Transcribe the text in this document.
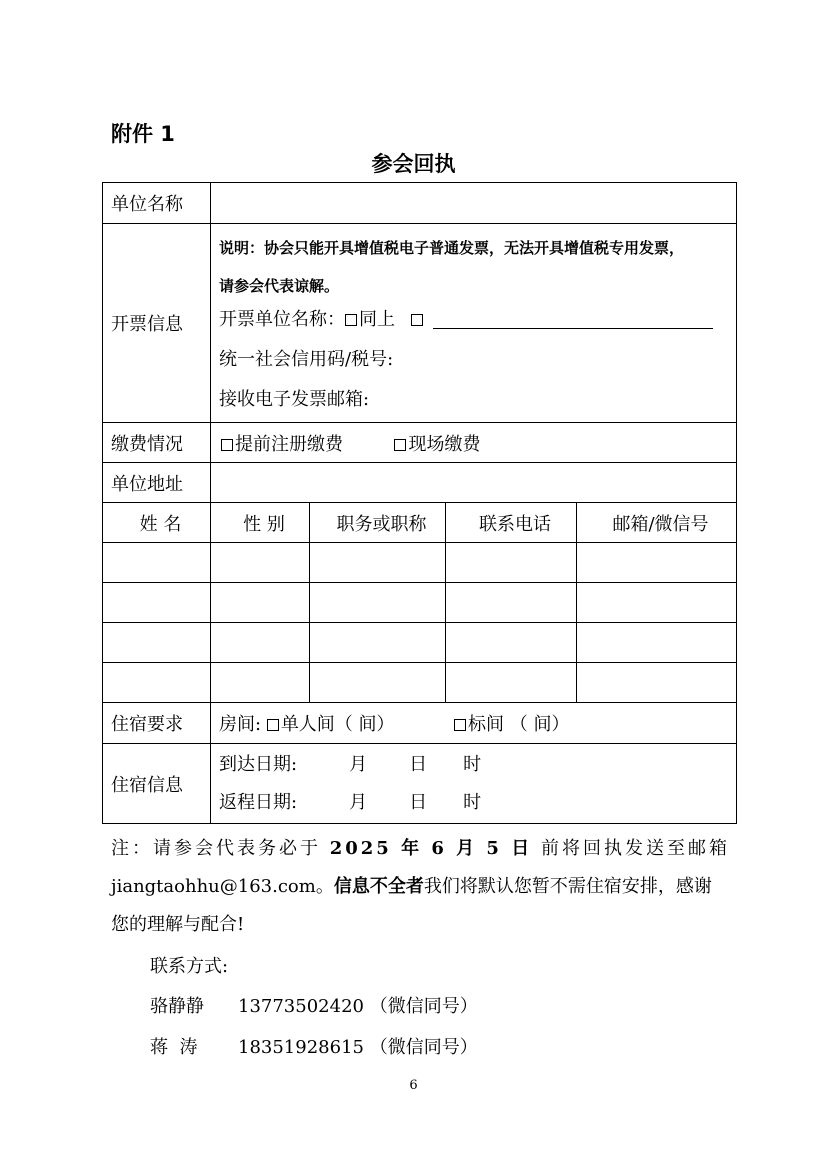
附件 1
参会回执
单位名称				
开票信息	说明：协会只能开具增值税电子普通发票，无法开具增值税专用发票，
请参会代表谅解。
开票单位名称： 同上
统一社会信用码/税号:
接收电子发票邮箱:			

缴费情况	提前注册缴费 现场缴费			
单位地址				
姓 名	性 别	职务或职称	联系电话	邮箱/微信号

住宿要求	房间: 单人间（ 间） 标间 （ 间）			
住宿信息	到达日期: 月 日 时
返程日期: 月 日 时			
注：请参会代表务必于 2025 年 6 月 5 日 前将回执发送至邮箱
jiangtaohhu@163.com。信息不全者我们将默认您暂不需住宿安排，感谢
您的理解与配合!
联系方式:
骆静静 13773502420 （微信同号）
蒋  涛 18351928615 （微信同号）
6
